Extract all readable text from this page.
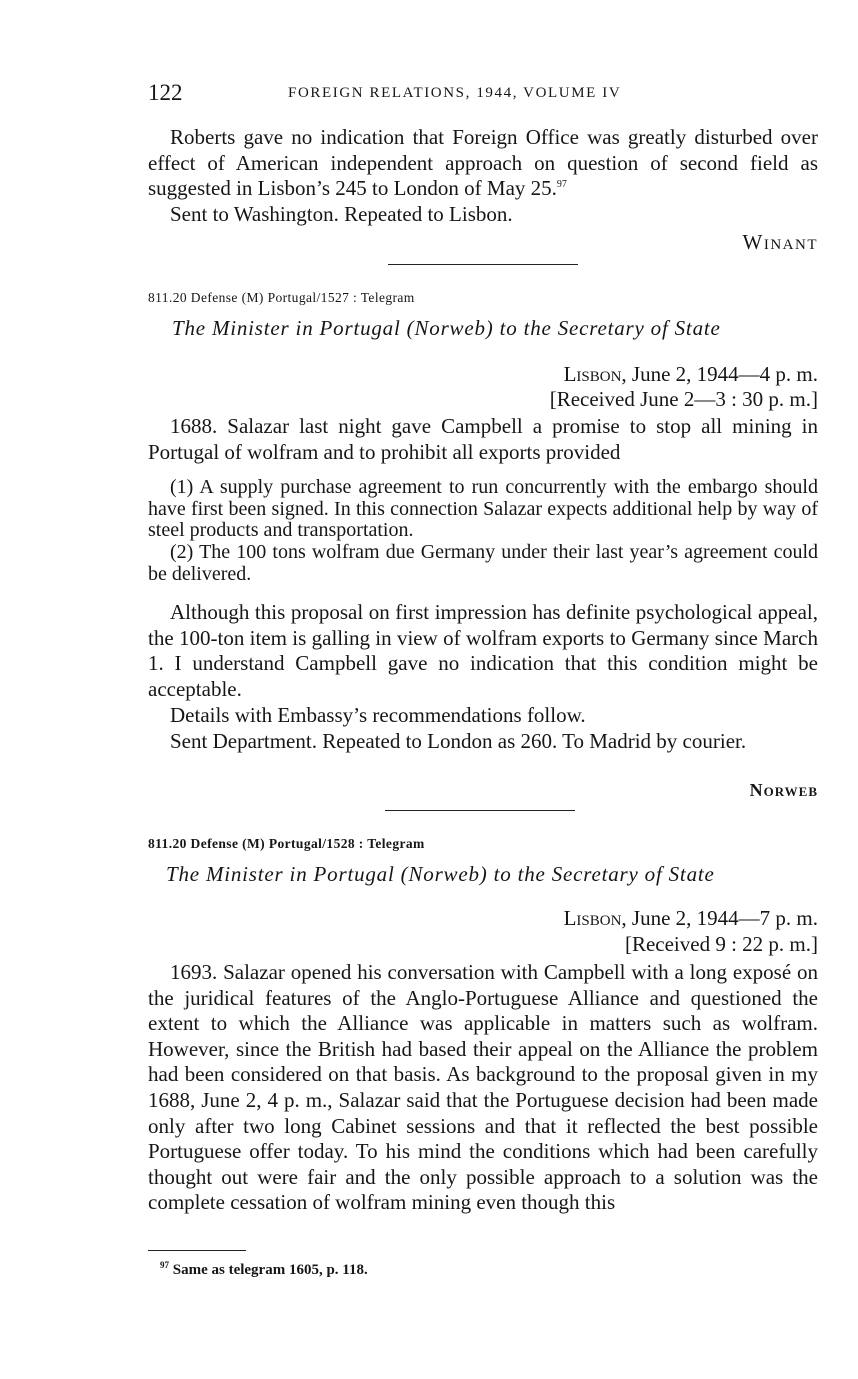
122	FOREIGN RELATIONS, 1944, VOLUME IV

Roberts gave no indication that Foreign Office was greatly disturbed over effect of American independent approach on question of second field as suggested in Lisbon’s 245 to London of May 25.97

Sent to Washington. Repeated to Lisbon.

Winant
811.20 Defense (M) Portugal/1527 : Telegram
The Minister in Portugal (Norweb) to the Secretary of State
Lisbon, June 2, 1944—4 p. m.
[Received June 2—3 : 30 p. m.]

1688. Salazar last night gave Campbell a promise to stop all mining in Portugal of wolfram and to prohibit all exports provided

(1) A supply purchase agreement to run concurrently with the embargo should have first been signed. In this connection Salazar expects additional help by way of steel products and transportation.

(2) The 100 tons wolfram due Germany under their last year’s agreement could be delivered.

Although this proposal on first impression has definite psychological appeal, the 100-ton item is galling in view of wolfram exports to Germany since March 1. I understand Campbell gave no indication that this condition might be acceptable.

Details with Embassy’s recommendations follow.

Sent Department. Repeated to London as 260. To Madrid by courier.

Norweb
811.20 Defense (M) Portugal/1528 : Telegram
The Minister in Portugal (Norweb) to the Secretary of State
Lisbon, June 2, 1944—7 p. m.
[Received 9 : 22 p. m.]

1693. Salazar opened his conversation with Campbell with a long exposé on the juridical features of the Anglo-Portuguese Alliance and questioned the extent to which the Alliance was applicable in matters such as wolfram. However, since the British had based their appeal on the Alliance the problem had been considered on that basis. As background to the proposal given in my 1688, June 2, 4 p. m., Salazar said that the Portuguese decision had been made only after two long Cabinet sessions and that it reflected the best possible Portuguese offer today. To his mind the conditions which had been carefully thought out were fair and the only possible approach to a solution was the complete cessation of wolfram mining even though this

$^{97}$ Same as telegram 1605, p. 118.
